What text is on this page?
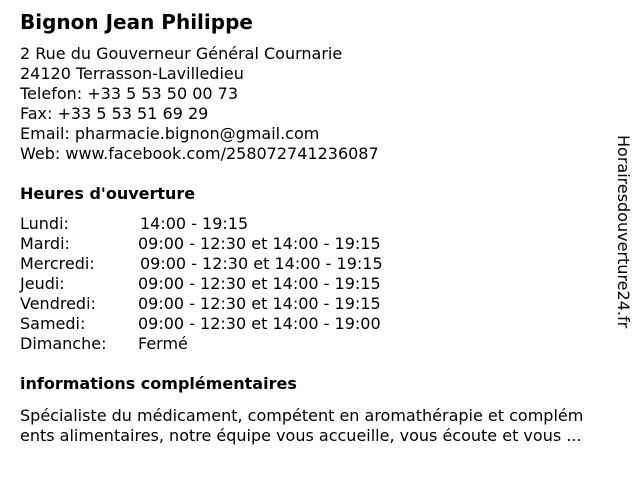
Bignon Jean Philippe
2 Rue du Gouverneur Général Cournarie
24120 Terrasson-Lavilledieu
Telefon: +33 5 53 50 00 73
Fax: +33 5 53 51 69 29
Email: pharmacie.bignon@gmail.com
Web: www.facebook.com/258072741236087
Heures d'ouverture
Lundi:	14:00 - 19:15
Mardi:	09:00 - 12:30 et 14:00 - 19:15
Mercredi:	09:00 - 12:30 et 14:00 - 19:15
Jeudi:	09:00 - 12:30 et 14:00 - 19:15
Vendredi:	09:00 - 12:30 et 14:00 - 19:15
Samedi:	09:00 - 12:30 et 14:00 - 19:00
Dimanche: Fermé
informations complémentaires
Spécialiste du médicament, compétent en aromathérapie et complém
ents alimentaires, notre équipe vous accueille, vous écoute et vous ...
Horairesdouverture24.fr
